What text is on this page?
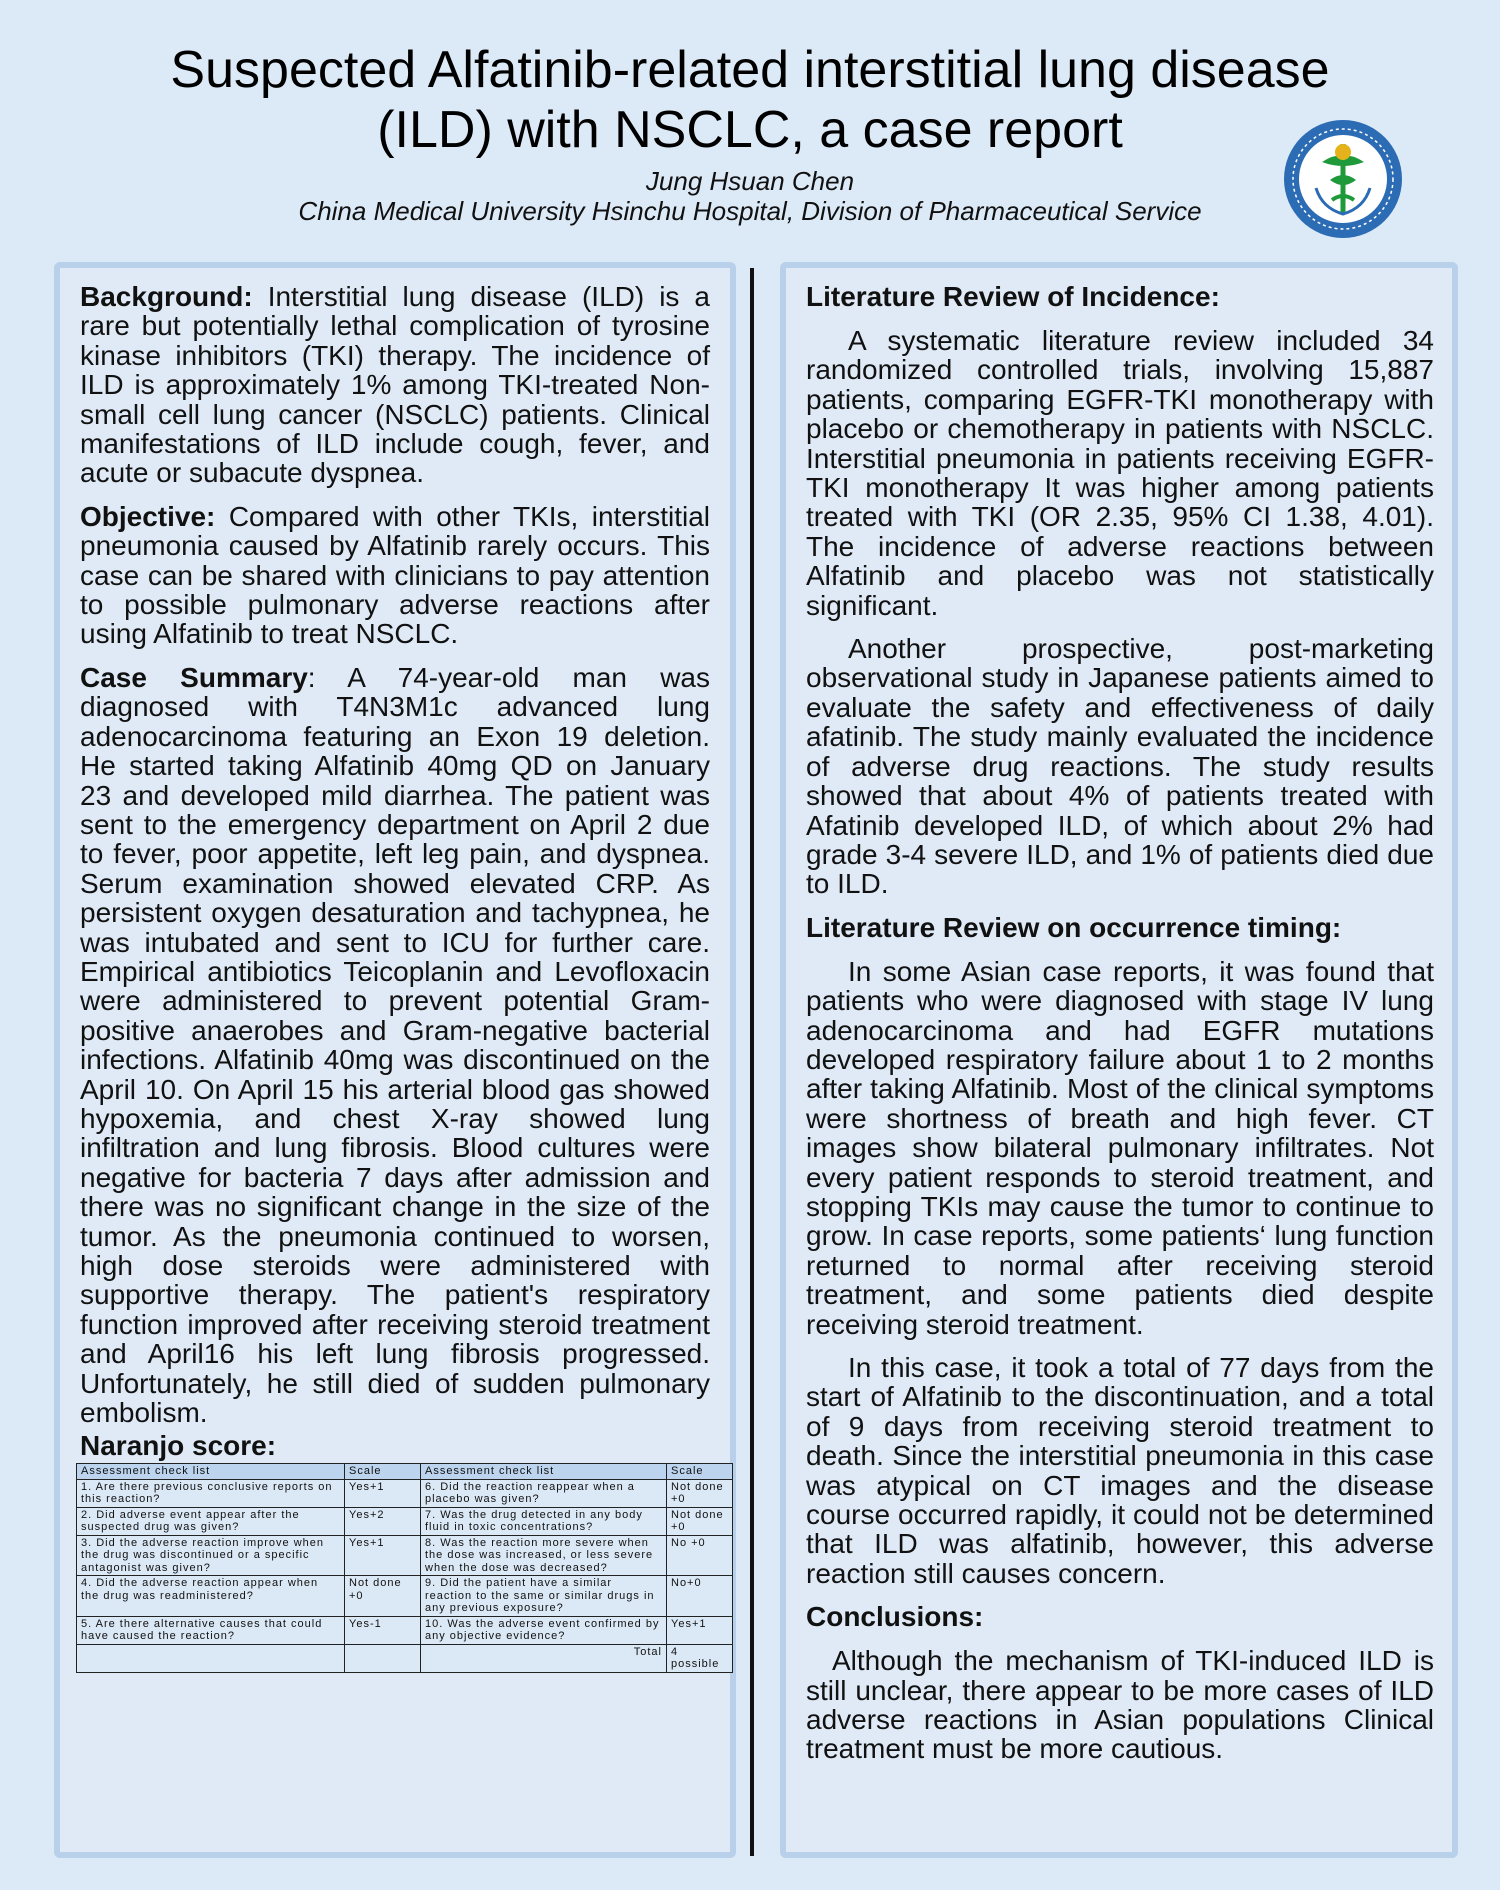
Suspected Alfatinib-related interstitial lung disease
(ILD) with NSCLC, a case report
Jung Hsuan Chen
China Medical University Hsinchu Hospital, Division of Pharmaceutical Service

Background: Interstitial lung disease (ILD) is a rare but potentially lethal complication of tyrosine kinase inhibitors (TKI) therapy. The incidence of ILD is approximately 1% among TKI-treated Non-small cell lung cancer (NSCLC) patients. Clinical manifestations of ILD include cough, fever, and acute or subacute dyspnea.

Objective: Compared with other TKIs, interstitial pneumonia caused by Alfatinib rarely occurs. This case can be shared with clinicians to pay attention to possible pulmonary adverse reactions after using Alfatinib to treat NSCLC.

Case Summary: A 74-year-old man was diagnosed with T4N3M1c advanced lung adenocarcinoma featuring an Exon 19 deletion. He started taking Alfatinib 40mg QD on January 23 and developed mild diarrhea. The patient was sent to the emergency department on April 2 due to fever, poor appetite, left leg pain, and dyspnea. Serum examination showed elevated CRP. As persistent oxygen desaturation and tachypnea, he was intubated and sent to ICU for further care. Empirical antibiotics Teicoplanin and Levofloxacin were administered to prevent potential Gram-positive anaerobes and Gram-negative bacterial infections. Alfatinib 40mg was discontinued on the April 10. On April 15 his arterial blood gas showed hypoxemia, and chest X-ray showed lung infiltration and lung fibrosis. Blood cultures were negative for bacteria 7 days after admission and there was no significant change in the size of the tumor. As the pneumonia continued to worsen, high dose steroids were administered with supportive therapy. The patient's respiratory function improved after receiving steroid treatment and April16 his left lung fibrosis progressed. Unfortunately, he still died of sudden pulmonary embolism.

Naranjo score:
Assessment check list	Scale	Assessment check list	Scale
1. Are there previous conclusive reports on this reaction?	Yes+1	6. Did the reaction reappear when a placebo was given?	Not done +0
2. Did adverse event appear after the suspected drug was given?	Yes+2	7. Was the drug detected in any body fluid in toxic concentrations?	Not done +0
3. Did the adverse reaction improve when the drug was discontinued or a specific antagonist was given?	Yes+1	8. Was the reaction more severe when the dose was increased, or less severe when the dose was decreased?	No +0
4. Did the adverse reaction appear when the drug was readministered?	Not done +0	9. Did the patient have a similar reaction to the same or similar drugs in any previous exposure?	No+0
5. Are there alternative causes that could have caused the reaction?	Yes-1	10. Was the adverse event confirmed by any objective evidence?	Yes+1
		Total	4 possible
Literature Review of Incidence:

A systematic literature review included 34 randomized controlled trials, involving 15,887 patients, comparing EGFR-TKI monotherapy with placebo or chemotherapy in patients with NSCLC. Interstitial pneumonia in patients receiving EGFR-TKI monotherapy It was higher among patients treated with TKI (OR 2.35, 95% CI 1.38, 4.01). The incidence of adverse reactions between Alfatinib and placebo was not statistically significant.

Another prospective, post-marketing observational study in Japanese patients aimed to evaluate the safety and effectiveness of daily afatinib. The study mainly evaluated the incidence of adverse drug reactions. The study results showed that about 4% of patients treated with Afatinib developed ILD, of which about 2% had grade 3-4 severe ILD, and 1% of patients died due to ILD.

Literature Review on occurrence timing:

In some Asian case reports, it was found that patients who were diagnosed with stage IV lung adenocarcinoma and had EGFR mutations developed respiratory failure about 1 to 2 months after taking Alfatinib. Most of the clinical symptoms were shortness of breath and high fever. CT images show bilateral pulmonary infiltrates. Not every patient responds to steroid treatment, and stopping TKIs may cause the tumor to continue to grow. In case reports, some patients‘ lung function returned to normal after receiving steroid treatment, and some patients died despite receiving steroid treatment.

In this case, it took a total of 77 days from the start of Alfatinib to the discontinuation, and a total of 9 days from receiving steroid treatment to death. Since the interstitial pneumonia in this case was atypical on CT images and the disease course occurred rapidly, it could not be determined that ILD was alfatinib, however, this adverse reaction still causes concern.

Conclusions:

Although the mechanism of TKI-induced ILD is still unclear, there appear to be more cases of ILD adverse reactions in Asian populations Clinical treatment must be more cautious.
